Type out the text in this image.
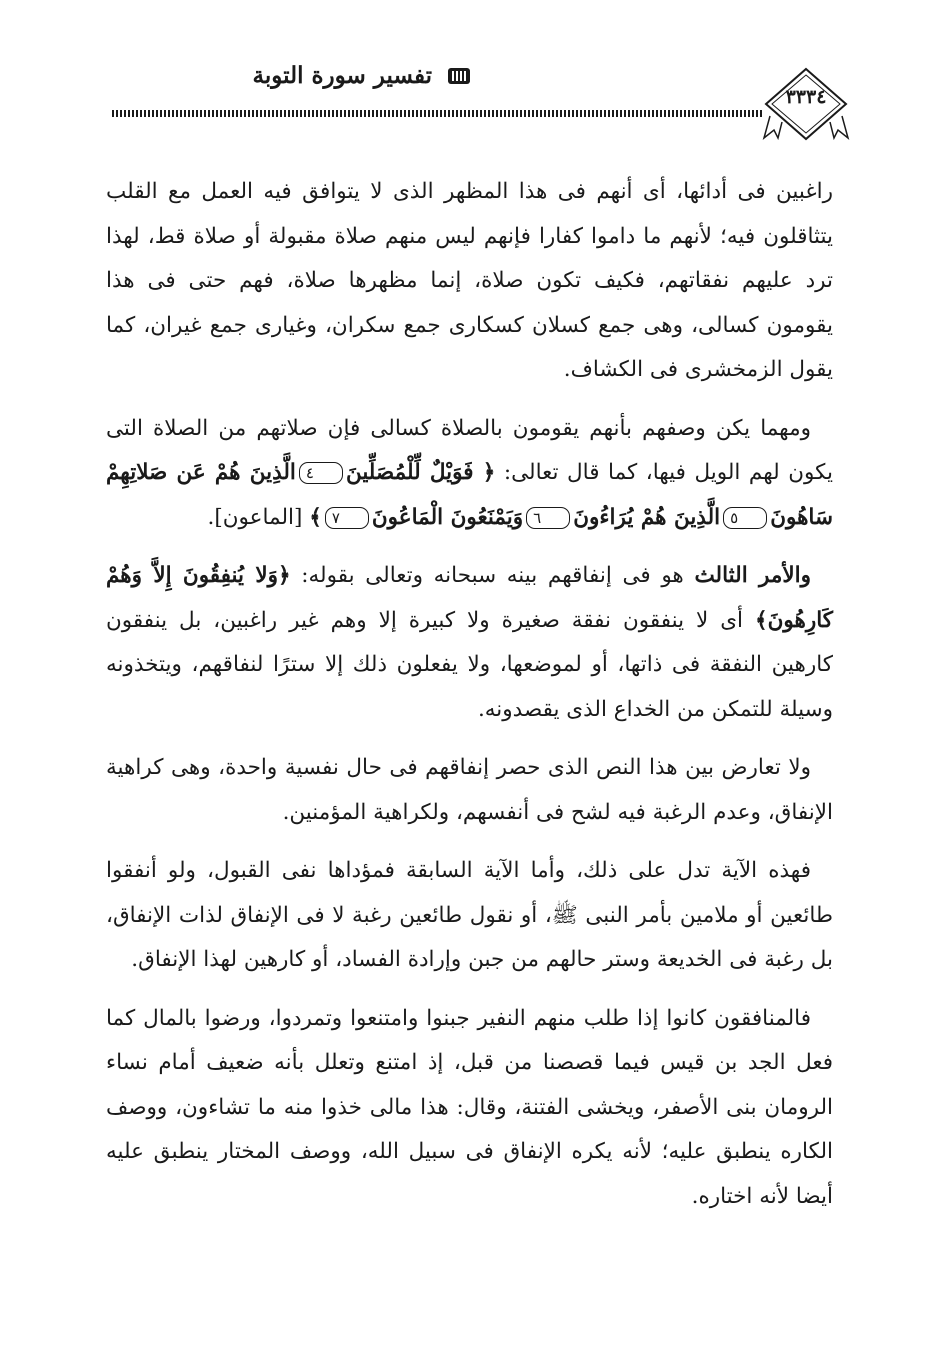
تفسير سورة التوبة
٣٣٣٤

راغبين فى أدائها، أى أنهم فى هذا المظهر الذى لا يتوافق فيه العمل مع القلب يتثاقلون فيه؛ لأنهم ما داموا كفارا فإنهم ليس منهم صلاة مقبولة أو صلاة قط، لهذا ترد عليهم نفقاتهم، فكيف تكون صلاة، إنما مظهرها صلاة، فهم حتى فى هذا يقومون كسالى، وهى جمع كسلان كسكارى جمع سكران، وغيارى جمع غيران، كما يقول الزمخشرى فى الكشاف.

ومهما يكن وصفهم بأنهم يقومون بالصلاة كسالى فإن صلاتهم من الصلاة التى يكون لهم الويل فيها، كما قال تعالى: ﴿ فَوَيْلٌ لِّلْمُصَلِّينَ٤الَّذِينَ هُمْ عَن صَلاتِهِمْ سَاهُونَ٥الَّذِينَ هُمْ يُرَاءُونَ٦وَيَمْنَعُونَ الْمَاعُونَ٧﴾ [الماعون].

والأمر الثالث هو فى إنفاقهم بينه سبحانه وتعالى بقوله: ﴿وَلا يُنفِقُونَ إِلاَّ وَهُمْ كَارِهُونَ﴾ أى لا ينفقون نفقة صغيرة ولا كبيرة إلا وهم غير راغبين، بل ينفقون كارهين النفقة فى ذاتها، أو لموضعها، ولا يفعلون ذلك إلا سترًا لنفاقهم، ويتخذونه وسيلة للتمكن من الخداع الذى يقصدونه.

ولا تعارض بين هذا النص الذى حصر إنفاقهم فى حال نفسية واحدة، وهى كراهية الإنفاق، وعدم الرغبة فيه لشح فى أنفسهم، ولكراهية المؤمنين.

فهذه الآية تدل على ذلك، وأما الآية السابقة فمؤداها نفى القبول، ولو أنفقوا طائعين أو ملامين بأمر النبى ﷺ، أو نقول طائعين رغبة لا فى الإنفاق لذات الإنفاق، بل رغبة فى الخديعة وستر حالهم من جبن وإرادة الفساد، أو كارهين لهذا الإنفاق.

فالمنافقون كانوا إذا طلب منهم النفير جبنوا وامتنعوا وتمردوا، ورضوا بالمال كما فعل الجد بن قيس فيما قصصنا من قبل، إذ امتنع وتعلل بأنه ضعيف أمام نساء الرومان بنى الأصفر، ويخشى الفتنة، وقال: هذا مالى خذوا منه ما تشاءون، ووصف الكاره ينطبق عليه؛ لأنه يكره الإنفاق فى سبيل الله، ووصف المختار ينطبق عليه أيضا لأنه اختاره.
